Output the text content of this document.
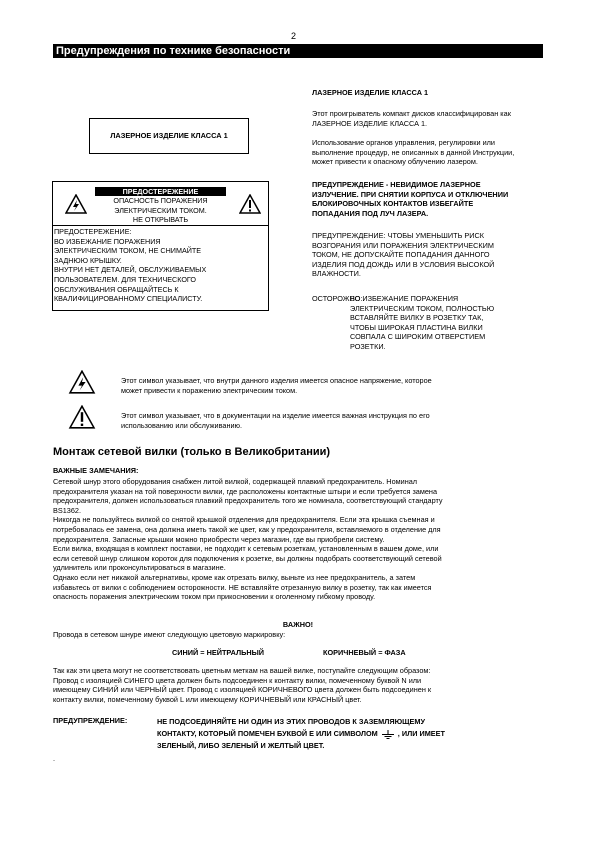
2
Предупреждения по технике безопасности
ЛАЗЕРНОЕ ИЗДЕЛИЕ КЛАССА 1
ПРЕДОСТЕРЕЖЕНИЕ
ОПАСНОСТЬ ПОРАЖЕНИЯ
ЭЛЕКТРИЧЕСКИМ ТОКОМ.
НЕ ОТКРЫВАТЬ
ПРЕДОСТЕРЕЖЕНИЕ:
ВО ИЗБЕЖАНИЕ ПОРАЖЕНИЯ
ЭЛЕКТРИЧЕСКИМ ТОКОМ, НЕ СНИМАЙТЕ
ЗАДНЮЮ КРЫШКУ.
ВНУТРИ НЕТ ДЕТАЛЕЙ, ОБСЛУЖИВАЕМЫХ
ПОЛЬЗОВАТЕЛЕМ. ДЛЯ ТЕХНИЧЕСКОГО
ОБСЛУЖИВАНИЯ ОБРАЩАЙТЕСЬ К
КВАЛИФИЦИРОВАННОМУ СПЕЦИАЛИСТУ.
ЛАЗЕРНОЕ ИЗДЕЛИЕ КЛАССА 1
Этот проигрыватель компакт дисков классифицирован как
ЛАЗЕРНОЕ ИЗДЕЛИЕ КЛАССА 1.
Использование органов управления, регулировки или
выполнение процедур, не описанных в данной Инструкции,
может привести к опасному облучению лазером.
ПРЕДУПРЕЖДЕНИЕ - НЕВИДИМОЕ ЛАЗЕРНОЕ
ИЗЛУЧЕНИЕ. ПРИ СНЯТИИ КОРПУСА И ОТКЛЮЧЕНИИ
БЛОКИРОВОЧНЫХ КОНТАКТОВ ИЗБЕГАЙТЕ
ПОПАДАНИЯ ПОД ЛУЧ ЛАЗЕРА.
ПРЕДУПРЕЖДЕНИЕ: ЧТОБЫ УМЕНЬШИТЬ РИСК
ВОЗГОРАНИЯ ИЛИ ПОРАЖЕНИЯ ЭЛЕКТРИЧЕСКИМ
ТОКОМ, НЕ ДОПУСКАЙТЕ ПОПАДАНИЯ ДАННОГО
ИЗДЕЛИЯ ПОД ДОЖДЬ ИЛИ В УСЛОВИЯ ВЫСОКОЙ
ВЛАЖНОСТИ.
ОСТОРОЖНО:
ВО ИЗБЕЖАНИЕ ПОРАЖЕНИЯ
ЭЛЕКТРИЧЕСКИМ ТОКОМ, ПОЛНОСТЬЮ
ВСТАВЛЯЙТЕ ВИЛКУ В РОЗЕТКУ ТАК,
ЧТОБЫ ШИРОКАЯ ПЛАСТИНА ВИЛКИ
СОВПАЛА С ШИРОКИМ ОТВЕРСТИЕМ
РОЗЕТКИ.
Этот символ указывает, что внутри данного изделия имеется опасное напряжение, которое
может привести к поражению электрическим током.
Этот символ указывает, что в документации на изделие имеется важная инструкция по его
использованию или обслуживанию.
Монтаж сетевой вилки (только в Великобритании)
ВАЖНЫЕ ЗАМЕЧАНИЯ:
Сетевой шнур этого оборудования снабжен литой вилкой, содержащей плавкий предохранитель. Номинал
предохранителя указан на той поверхности вилки, где расположены контактные штыри и если требуется замена
предохранителя, должен использоваться плавкий предохранитель того же номинала, соответствующий стандарту
BS1362.
Никогда не пользуйтесь вилкой со снятой крышкой отделения для предохранителя. Если эта крышка съемная и
потребовалась ее замена, она должна иметь такой же цвет, как у предохранителя, вставляемого в отделение для
предохранителя. Запасные крышки можно приобрести через магазин, где вы приобрели систему.
Если вилка, входящая в комплект поставки, не подходит к сетевым розеткам, установленным в вашем доме, или
если сетевой шнур слишком короток для подключения к розетке, вы должны подобрать соответствующий сетевой
удлинитель или проконсультироваться в магазине.
Однако если нет никакой альтернативы, кроме как отрезать вилку, выньте из нее предохранитель, а затем
избавьтесь от вилки с соблюдением осторожности. НЕ вставляйте отрезанную вилку в розетку, так как имеется
опасность поражения электрическим током при прикосновении к оголенному гибкому проводу.
ВАЖНО!
Провода в сетевом шнуре имеют следующую цветовую маркировку:
СИНИЙ = НЕЙТРАЛЬНЫЙ	КОРИЧНЕВЫЙ = ФАЗА
Так как эти цвета могут не соответствовать цветным меткам на вашей вилке, поступайте следующим образом:
Провод с изоляцией СИНЕГО цвета должен быть подсоединен к контакту вилки, помеченному буквой N или
имеющему СИНИЙ или ЧЕРНЫЙ цвет. Провод с изоляцией КОРИЧНЕВОГО цвета должен быть подсоединен к
контакту вилки, помеченному буквой L или имеющему КОРИЧНЕВЫЙ или КРАСНЫЙ цвет.
ПРЕДУПРЕЖДЕНИЕ:	НЕ ПОДСОЕДИНЯЙТЕ НИ ОДИН ИЗ ЭТИХ ПРОВОДОВ К ЗАЗЕМЛЯЮЩЕМУ
КОНТАКТУ, КОТОРЫЙ ПОМЕЧЕН БУКВОЙ Е ИЛИ СИМВОЛОМ	, ИЛИ ИМЕЕТ
ЗЕЛЕНЫЙ, ЛИБО ЗЕЛЕНЫЙ И ЖЕЛТЫЙ ЦВЕТ.
.
